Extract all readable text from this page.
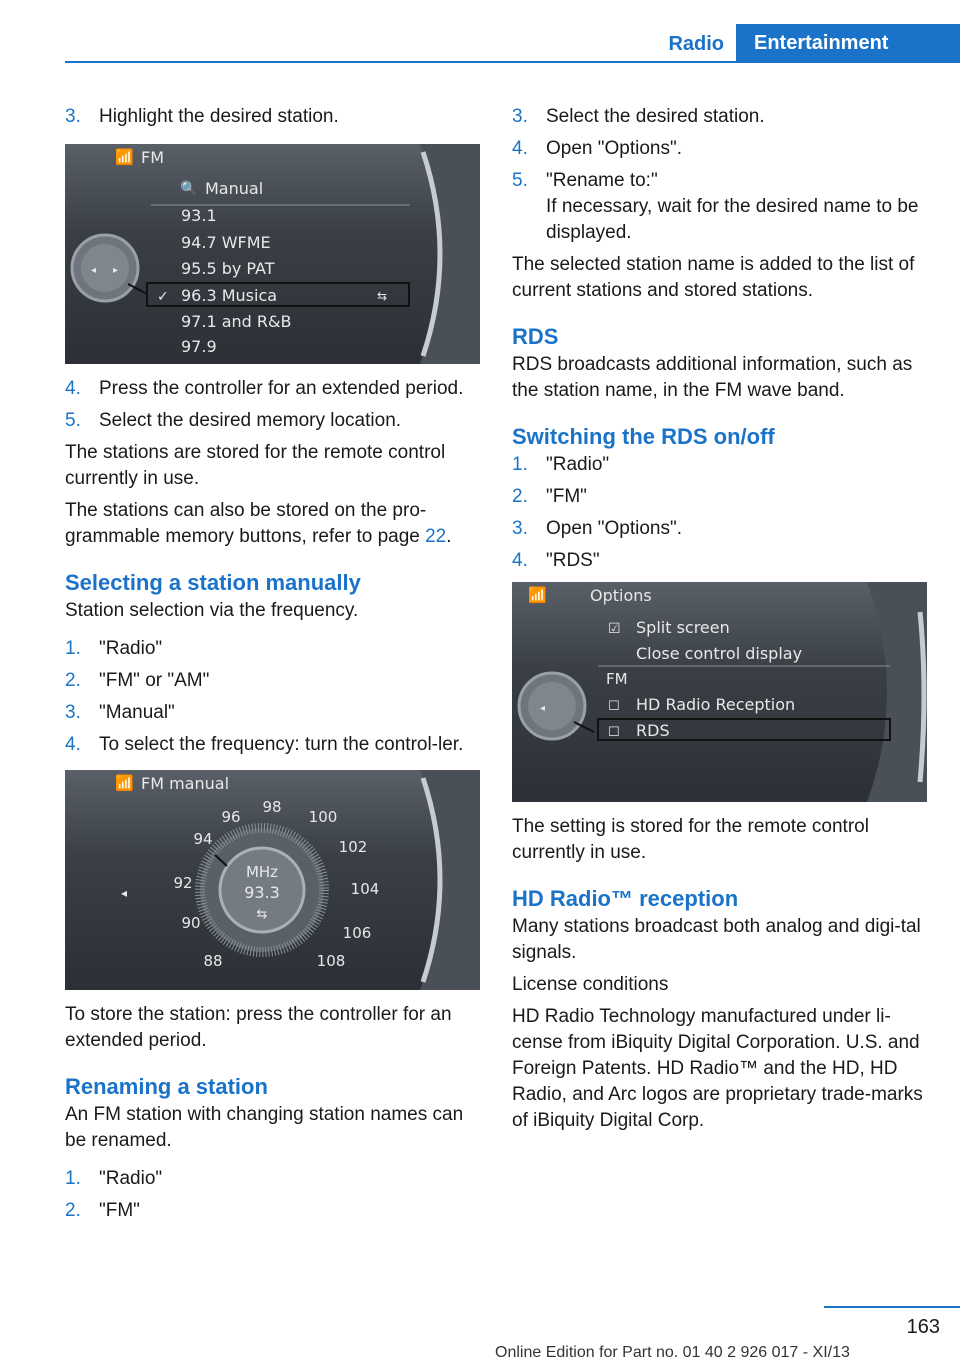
Radio	Entertainment
3. Highlight the desired station.
📶 FM
◂ ▸
🔍 Manual
93.1
94.7 WFME
95.5 by PAT
✓ 96.3 Musica	⇆
97.1 and R&B
97.9
4. Press the controller for an extended period.
5. Select the desired memory location.

The stations are stored for the remote control currently in use.

The stations can also be stored on the pro‐grammable memory buttons, refer to page 22.

Selecting a station manually

Station selection via the frequency.

1. "Radio"
2. "FM" or "AM"
3. "Manual"
4. To select the frequency: turn the control‐ler.
📶 FM manual
◂
MHz
93.3
⇆
88
90
92
94
96
98
100
102
104
106
108

To store the station: press the controller for an extended period.

Renaming a station

An FM station with changing station names can be renamed.

1. "Radio"
2. "FM"
3. Select the desired station.
4. Open "Options".
5. "Rename to:"

If necessary, wait for the desired name to be displayed.

The selected station name is added to the list of current stations and stored stations.

RDS

RDS broadcasts additional information, such as the station name, in the FM wave band.

Switching the RDS on/off
1. "Radio"
2. "FM"
3. Open "Options".
4. "RDS"
📶	Options
◂
☑ Split screen
Close control display
FM
☐ HD Radio Reception
☐ RDS

The setting is stored for the remote control currently in use.

HD Radio™ reception

Many stations broadcast both analog and digi‐tal signals.

License conditions

HD Radio Technology manufactured under li‐cense from iBiquity Digital Corporation. U.S. and Foreign Patents. HD Radio™ and the HD, HD Radio, and Arc logos are proprietary trade‐marks of iBiquity Digital Corp.

163
Online Edition for Part no. 01 40 2 926 017 - XI/13
